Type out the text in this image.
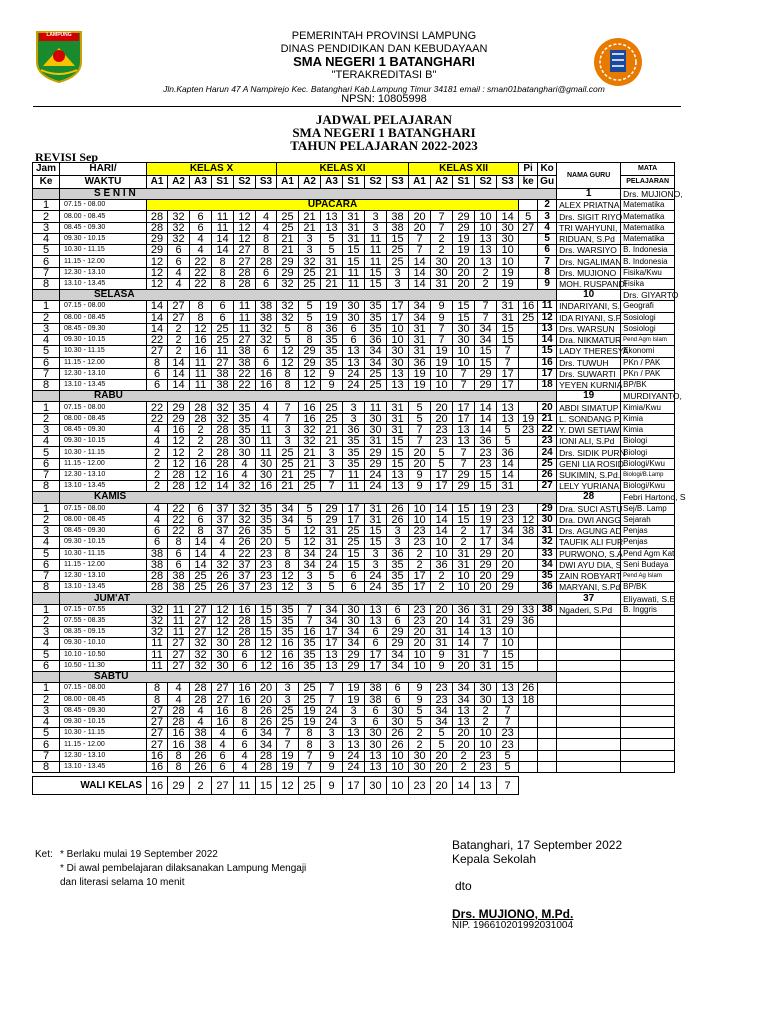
LAMPUNG	PEMERINTAH PROVINSI LAMPUNG
DINAS PENDIDIKAN DAN KEBUDAYAAN
SMA NEGERI 1 BATANGHARI
"TERAKREDITASI B"
Jln.Kapten Harun 47 A Nampirejo Kec. Batanghari Kab.Lampung Timur 34181 email : sman01batanghari@gmail.com
NPSN: 10805998
JADWAL PELAJARAN
SMA NEGERI 1 BATANGHARI
TAHUN PELAJARAN 2022-2023
REVISI Sep
Jam	HARI/	KELAS X						KELAS XI						KELAS XII					Pi	Ko	NAMA GURU	MATA	
Ke	WAKTU	A1	A2	A3	S1	S2	S3	A1	A2	A3	S1	S2	S3	A1	A2	S1	S2	S3	ke	Gu		PELAJARAN	
	S E N I N																				1	Drs. MUJIONO,	
1	07.15 - 08.00	UPACARA																		2	ALEX PRIATNA	Matematika	
2	08.00 - 08.45	28	32	6	11	12	4	25	21	13	31	3	38	20	7	29	10	14	5	3	Drs. SIGIT RIYO	Matematika	
3	08.45 - 09.30	28	32	6	11	12	4	25	21	13	31	3	38	20	7	29	10	30	27	4	TRI WAHYUNI,	Matematika	
4	09.30 - 10.15	29	32	4	14	12	8	21	3	5	31	11	15	7	2	19	13	30		5	RIDUAN, S.Pd	Matematika	
5	10.30 - 11.15	29	6	4	14	27	8	21	3	5	15	11	25	7	2	19	13	10		6	Drs. WARSIYO	B. Indonesia	
6	11.15 - 12.00	12	6	22	8	27	28	29	32	31	15	11	25	14	30	20	13	10		7	Drs. NGALIMAN	B. Indonesia	
7	12.30 - 13.10	12	4	22	8	28	6	29	25	21	11	15	3	14	30	20	2	19		8	Drs. MUJIONO	Fisika/Kwu	
8	13.10 - 13.45	12	4	22	8	28	6	32	25	21	11	15	3	14	31	20	2	19		9	MOH. RUSPANDI	Fisika	
	SELASA																				10	Drs. GIYARTO	
1	07.15 - 08.00	14	27	8	6	11	38	32	5	19	30	35	17	34	9	15	7	31	16	11	INDARIYANI, S.	Geografi	
2	08.00 - 08.45	14	27	8	6	11	38	32	5	19	30	35	17	34	9	15	7	31	25	12	IDA RIYANI, S.P	Sosiologi	
3	08.45 - 09.30	14	2	12	25	11	32	5	8	36	6	35	10	31	7	30	34	15		13	Drs. WARSUN	Sosiologi	
4	09.30 - 10.15	22	2	16	25	27	32	5	8	35	6	36	10	31	7	30	34	15		14	Dra. NIKMATUR	Pend Agm Islam	
5	10.30 - 11.15	27	2	16	11	38	6	12	29	35	13	34	30	31	19	10	15	7		15	LADY THERESYA	Ekonomi	
6	11.15 - 12.00	8	14	11	27	38	6	12	29	35	13	34	30	36	19	10	15	7		16	Drs. TUWUH	PKn / PAK	
7	12.30 - 13.10	6	14	11	38	22	16	8	12	9	24	25	13	19	10	7	29	17		17	Drs. SUWARTI	PKn / PAK	
8	13.10 - 13.45	6	14	11	38	22	16	8	12	9	24	25	13	19	10	7	29	17		18	YEYEN KURNIA	BP/BK	
	RABU																				19	MURDIYANTO,	
1	07.15 - 08.00	22	29	28	32	35	4	7	16	25	3	11	31	5	20	17	14	13		20	ABDI SIMATUP	Kimia/Kwu	
2	08.00 - 08.45	22	29	28	32	35	4	7	16	25	3	30	31	5	20	17	14	13	19	21	L. SONDANG P.	Kimia	
3	08.45 - 09.30	4	16	2	28	35	11	3	32	21	36	30	31	7	23	13	14	5	23	22	Y. DWI SETIAW	Kimia	
4	09.30 - 10.15	4	12	2	28	30	11	3	32	21	35	31	15	7	23	13	36	5		23	IONI ALI, S.Pd	Biologi	
5	10.30 - 11.15	2	12	2	28	30	11	25	21	3	35	29	15	20	5	7	23	36		24	Drs. SIDIK PURN	Biologi	
6	11.15 - 12.00	2	12	16	28	4	30	25	21	3	35	29	15	20	5	7	23	14		25	GENI LIA ROSID	Biologi/Kwu	
7	12.30 - 13.10	2	28	12	16	4	30	21	25	7	11	24	13	9	17	29	15	14		26	SUKIMIN, S.Pd.	Biologi/B.Lamp	
8	13.10 - 13.45	2	28	12	14	32	16	21	25	7	11	24	13	9	17	29	15	31		27	LELY YURIANA,	Biologi/Kwu	
	KAMIS																				28	Febri Hartono, S	
1	07.15 - 08.00	4	22	6	37	32	35	34	5	29	17	31	26	10	14	15	19	23		29	Dra. SUCI ASTU	Sej/B. Lamp	
2	08.00 - 08.45	4	22	6	37	32	35	34	5	29	17	31	26	10	14	15	19	23	12	30	Dra. DWI ANGG	Sejarah	
3	08.45 - 09.30	6	22	8	37	26	35	5	12	31	25	15	3	23	14	2	17	34	38	31	Drs. AGUNG AD	Penjas	
4	09.30 - 10.15	6	8	14	4	26	20	5	12	31	25	15	3	23	10	2	17	34		32	TAUFIK ALI FUR	Penjas	
5	10.30 - 11.15	38	6	14	4	22	23	8	34	24	15	3	36	2	10	31	29	20		33	PURWONO, S.A	Pend Agm Kat	
6	11.15 - 12.00	38	6	14	32	37	23	8	34	24	15	3	35	2	36	31	29	20		34	DWI AYU DIA, S	Seni Budaya	
7	12.30 - 13.10	28	38	25	26	37	23	12	3	5	6	24	35	17	2	10	20	29		35	ZAIN ROBYART	Pend Ag Islam	
8	13.10 - 13.45	28	38	25	26	37	23	12	3	5	6	24	35	17	2	10	20	29		36	MARYANI, S.Pd	BP/BK	
	JUM'AT																				37	Eliyawati, S.E	
1	07.15 - 07.55	32	11	27	12	16	15	35	7	34	30	13	6	23	20	36	31	29	33	38	Ngaderi, S.Pd	B. Inggris	
2	07.55 - 08.35	32	11	27	12	28	15	35	7	34	30	13	6	23	20	14	31	29	36				
3	08.35 - 09.15	32	11	27	12	28	15	35	16	17	34	6	29	20	31	14	13	10					
4	09.30 - 10.10	11	27	32	30	28	12	16	35	17	34	6	29	20	31	14	7	10					
5	10.10 - 10.50	11	27	32	30	6	12	16	35	13	29	17	34	10	9	31	7	15					
6	10.50 - 11.30	11	27	32	30	6	12	16	35	13	29	17	34	10	9	20	31	15					
	SABTU																						
1	07.15 - 08.00	8	4	28	27	16	20	3	25	7	19	38	6	9	23	34	30	13	26				
2	08.00 - 08.45	8	4	28	27	16	20	3	25	7	19	38	6	9	23	34	30	13	18				
3	08.45 - 09.30	27	28	4	16	8	26	25	19	24	3	6	30	5	34	13	2	7					
4	09.30 - 10.15	27	28	4	16	8	26	25	19	24	3	6	30	5	34	13	2	7					
5	10.30 - 11.15	27	16	38	4	6	34	7	8	3	13	30	26	2	5	20	10	23					
6	11.15 - 12.00	27	16	38	4	6	34	7	8	3	13	30	26	2	5	20	10	23					
7	12.30 - 13.10	16	8	26	6	4	28	19	7	9	24	13	10	30	20	2	23	5					
8	13.10 - 13.45	16	8	26	6	4	28	19	7	9	24	13	10	30	20	2	23	5					

WALI KELAS		16	29	2	27	11	15	12	25	9	17	30	10	23	20	14	13	7					
Ket: * Berlaku mulai 19 September 2022
* Di awal pembelajaran dilaksanakan Lampung Mengaji
dan literasi selama 10 menit
Batanghari, 17 September 2022
Kepala Sekolah
dto
Drs. MUJIONO, M.Pd.
NIP. 196610201992031004
